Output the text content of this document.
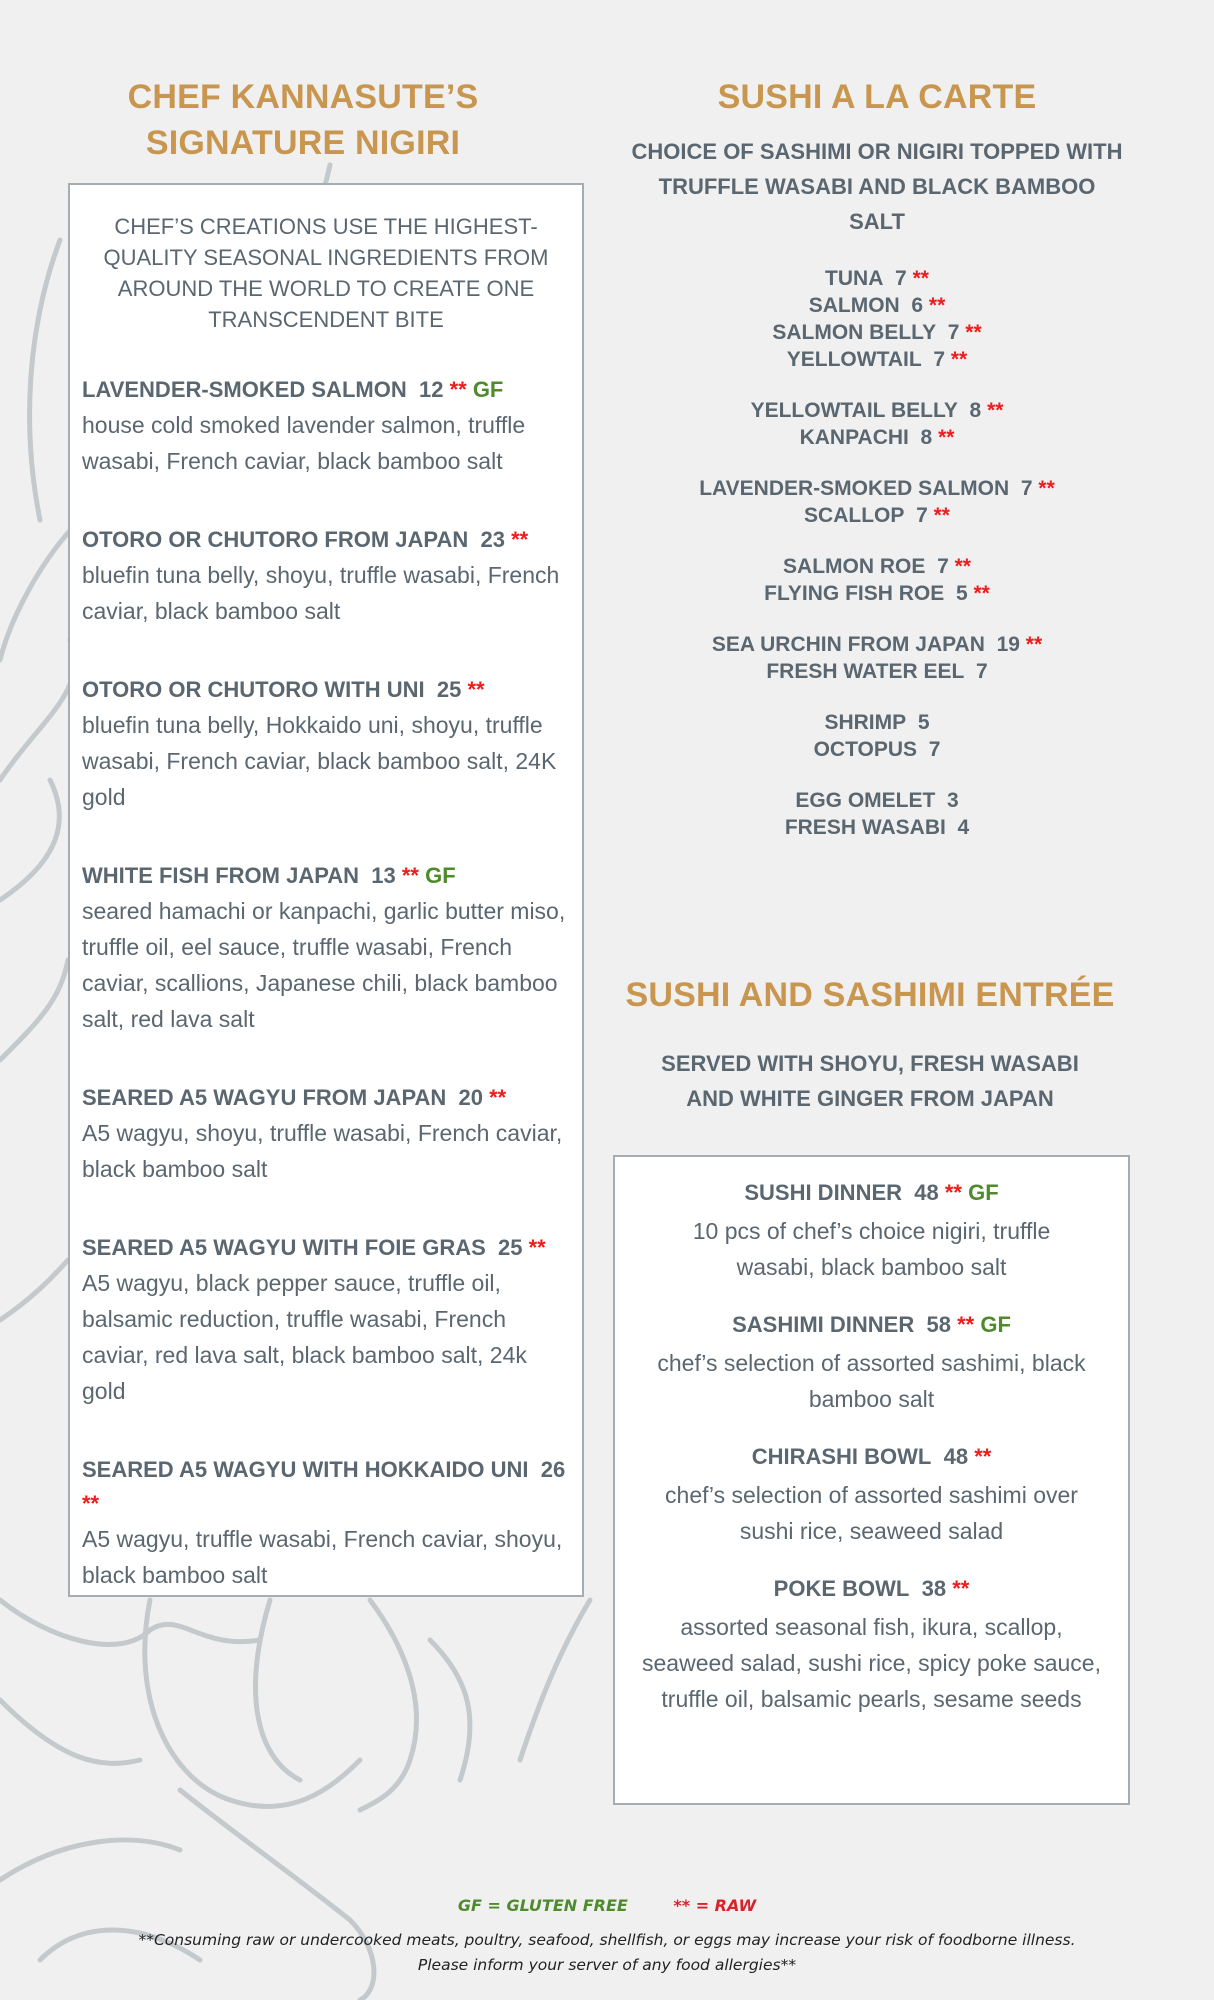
CHEF KANNASUTE’S
SIGNATURE NIGIRI
CHEF’S CREATIONS USE THE HIGHEST-QUALITY SEASONAL INGREDIENTS FROM AROUND THE WORLD TO CREATE ONE TRANSCENDENT BITE
LAVENDER-SMOKED SALMON 12 ** GF
house cold smoked lavender salmon, truffle wasabi, French caviar, black bamboo salt
OTORO OR CHUTORO FROM JAPAN 23 **
bluefin tuna belly, shoyu, truffle wasabi, French caviar, black bamboo salt
OTORO OR CHUTORO WITH UNI 25 **
bluefin tuna belly, Hokkaido uni, shoyu, truffle wasabi, French caviar, black bamboo salt, 24K gold
WHITE FISH FROM JAPAN 13 ** GF
seared hamachi or kanpachi, garlic butter miso, truffle oil, eel sauce, truffle wasabi, French caviar, scallions, Japanese chili, black bamboo salt, red lava salt
SEARED A5 WAGYU FROM JAPAN 20 **
A5 wagyu, shoyu, truffle wasabi, French caviar, black bamboo salt
SEARED A5 WAGYU WITH FOIE GRAS 25 **
A5 wagyu, black pepper sauce, truffle oil, balsamic reduction, truffle wasabi, French caviar, red lava salt, black bamboo salt, 24k gold
SEARED A5 WAGYU WITH HOKKAIDO UNI 26 **
A5 wagyu, truffle wasabi, French caviar, shoyu, black bamboo salt
SUSHI A LA CARTE
CHOICE OF SASHIMI OR NIGIRI TOPPED WITH TRUFFLE WASABI AND BLACK BAMBOO SALT
TUNA 7 **
SALMON 6 **
SALMON BELLY 7 **
YELLOWTAIL 7 **
YELLOWTAIL BELLY 8 **
KANPACHI 8 **
LAVENDER-SMOKED SALMON 7 **
SCALLOP 7 **
SALMON ROE 7 **
FLYING FISH ROE 5 **
SEA URCHIN FROM JAPAN 19 **
FRESH WATER EEL 7
SHRIMP 5
OCTOPUS 7
EGG OMELET 3
FRESH WASABI 4
SUSHI AND SASHIMI ENTRÉE
SERVED WITH SHOYU, FRESH WASABI
AND WHITE GINGER FROM JAPAN
SUSHI DINNER 48 ** GF
10 pcs of chef’s choice nigiri, truffle wasabi, black bamboo salt
SASHIMI DINNER 58 ** GF
chef’s selection of assorted sashimi, black bamboo salt
CHIRASHI BOWL 48 **
chef’s selection of assorted sashimi over sushi rice, seaweed salad
POKE BOWL 38 **
assorted seasonal fish, ikura, scallop, seaweed salad, sushi rice, spicy poke sauce, truffle oil, balsamic pearls, sesame seeds
GF = GLUTEN FREE	** = RAW
**Consuming raw or undercooked meats, poultry, seafood, shellfish, or eggs may increase your risk of foodborne illness.
Please inform your server of any food allergies**
